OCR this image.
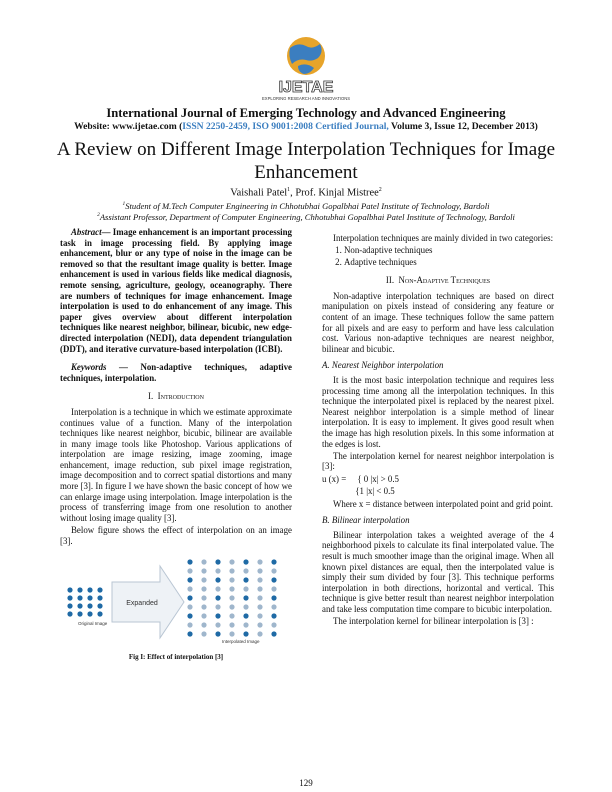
IJETAE
EXPLORING RESEARCH AND INNOVATIONS
International Journal of Emerging Technology and Advanced Engineering
Website: www.ijetae.com (ISSN 2250-2459, ISO 9001:2008 Certified Journal, Volume 3, Issue 12, December 2013)
A Review on Different Image Interpolation Techniques for Image Enhancement
Vaishali Patel$^1$, Prof. Kinjal Mistree$^2$
$^1$Student of M.Tech Computer Engineering in Chhotubhai Gopalbhai Patel Institute of Technology, Bardoli
$^2$Assistant Professor, Department of Computer Engineering, Chhotubhai Gopalbhai Patel Institute of Technology, Bardoli

Abstract— Image enhancement is an important processing task in image processing field. By applying image enhancement, blur or any type of noise in the image can be removed so that the resultant image quality is better. Image enhancement is used in various fields like medical diagnosis, remote sensing, agriculture, geology, oceanography. There are numbers of techniques for image enhancement. Image interpolation is used to do enhancement of any image. This paper gives overview about different interpolation techniques like nearest neighbor, bilinear, bicubic, new edge-directed interpolation (NEDI), data dependent triangulation (DDT), and iterative curvature-based interpolation (ICBI).

Keywords — Non-adaptive techniques, adaptive techniques, interpolation.

I. Introduction

Interpolation is a technique in which we estimate approximate continues value of a function. Many of the interpolation techniques like nearest neighbor, bicubic, bilinear are available in many image tools like Photoshop. Various applications of interpolation are image resizing, image zooming, image enhancement, image reduction, sub pixel image registration, image decomposition and to correct spatial distortions and many more [3]. In figure I we have shown the basic concept of how we can enlarge image using interpolation. Image interpolation is the process of transferring image from one resolution to another without losing image quality [3].

Below figure shows the effect of interpolation on an image [3].

Expanded
Original Image
Interpolated Image

Fig I: Effect of interpolation [3]

Interpolation techniques are mainly divided in two categories:

1. Non-adaptive techniques
2. Adaptive techniques

II. Non-Adaptive Techniques

Non-adaptive interpolation techniques are based on direct manipulation on pixels instead of considering any feature or content of an image. These techniques follow the same pattern for all pixels and are easy to perform and have less calculation cost. Various non-adaptive techniques are nearest neighbor, bilinear and bicubic.

A. Nearest Neighbor interpolation

It is the most basic interpolation technique and requires less processing time among all the interpolation techniques. In this technique the interpolated pixel is replaced by the nearest pixel. Nearest neighbor interpolation is a simple method of linear interpolation. It is easy to implement. It gives good result when the image has high resolution pixels. In this some information at the edges is lost.

The interpolation kernel for nearest neighbor interpolation is [3]:

u (x) =     { 0 |x| > 0.5

{1 |x| < 0.5

Where x = distance between interpolated point and grid point.

B. Bilinear interpolation

Bilinear interpolation takes a weighted average of the 4 neighborhood pixels to calculate its final interpolated value. The result is much smoother image than the original image. When all known pixel distances are equal, then the interpolated value is simply their sum divided by four [3]. This technique performs interpolation in both directions, horizontal and vertical. This technique is give better result than nearest neighbor interpolation and take less computation time compare to bicubic interpolation.

The interpolation kernel for bilinear interpolation is [3] :

129
